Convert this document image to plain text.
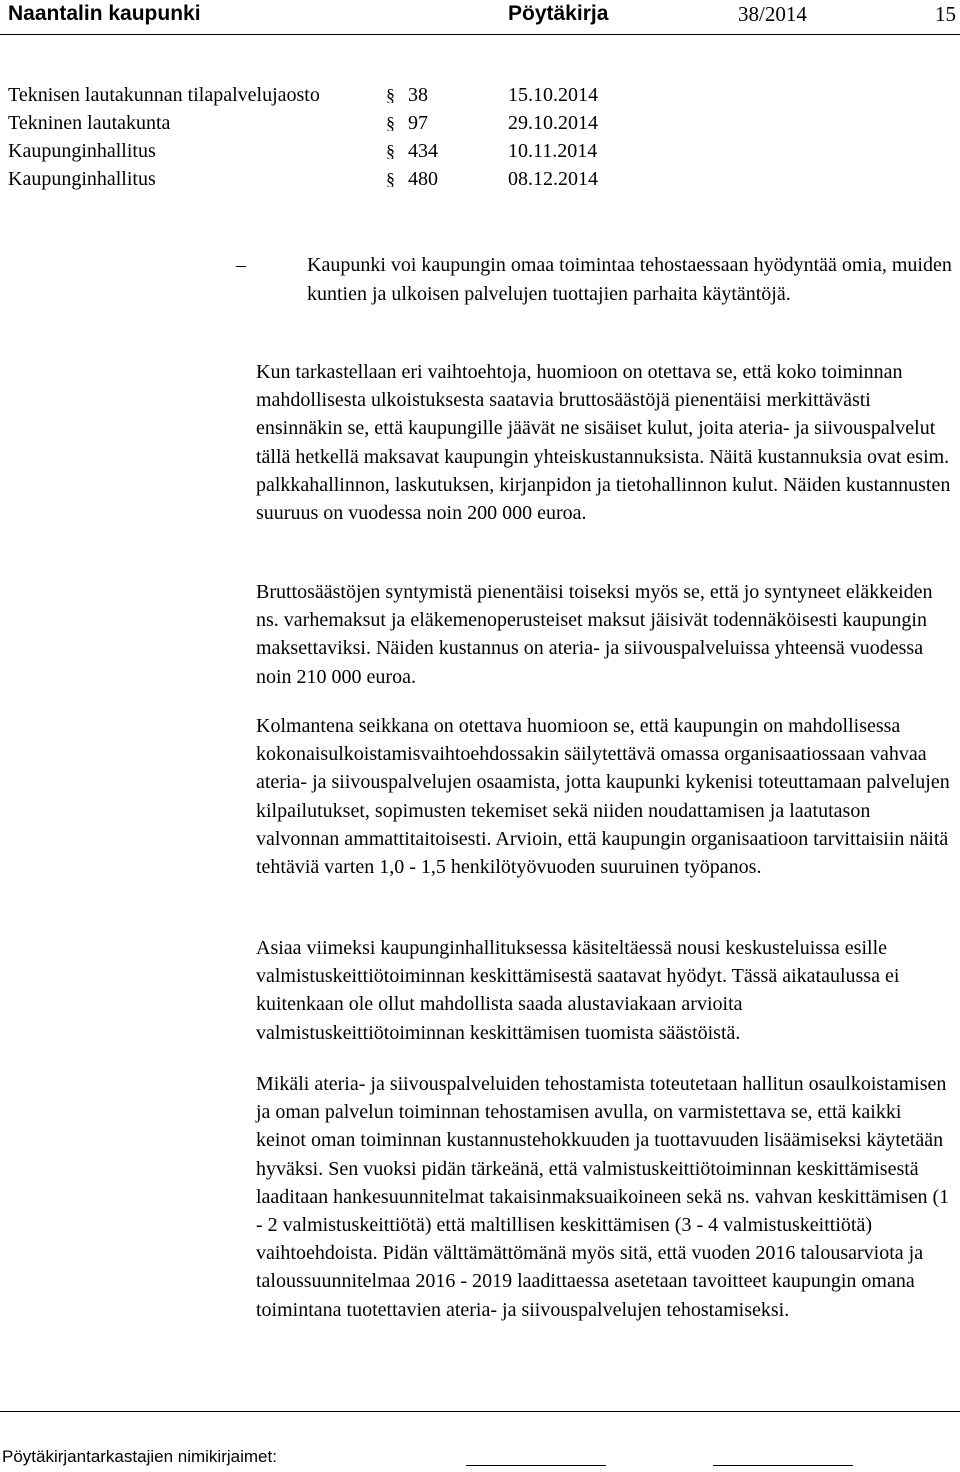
Naantalin kaupunki	Pöytäkirja	38/2014	15
Teknisen lautakunnan tilapalvelujaosto	§ 38	15.10.2014
Tekninen lautakunta	§ 97	29.10.2014
Kaupunginhallitus	§ 434	10.11.2014
Kaupunginhallitus	§ 480	08.12.2014
–	Kaupunki voi kaupungin omaa toimintaa tehostaessaan hyödyntää omia, muiden kuntien ja ulkoisen palvelujen tuottajien parhaita käytäntöjä.

Kun tarkastellaan eri vaihtoehtoja, huomioon on otettava se, että koko toiminnan mahdollisesta ulkoistuksesta saatavia bruttosäästöjä pienentäisi merkittävästi ensinnäkin se, että kaupungille jäävät ne sisäiset kulut, joita ateria- ja siivouspalvelut tällä hetkellä maksavat kaupungin yhteiskustannuksista. Näitä kustannuksia ovat esim. palkkahallinnon, laskutuksen, kirjanpidon ja tietohallinnon kulut. Näiden kustannusten suuruus on vuodessa noin 200 000 euroa.

Bruttosäästöjen syntymistä pienentäisi toiseksi myös se, että jo syntyneet eläkkeiden ns. varhemaksut ja eläkemenoperusteiset maksut jäisivät todennäköisesti kaupungin maksettaviksi. Näiden kustannus on ateria- ja siivouspalveluissa yhteensä vuodessa noin 210 000 euroa.

Kolmantena seikkana on otettava huomioon se, että kaupungin on mahdollisessa kokonaisulkoistamisvaihtoehdossakin säilytettävä omassa organisaatiossaan vahvaa ateria- ja siivouspalvelujen osaamista, jotta kaupunki kykenisi toteuttamaan palvelujen kilpailutukset, sopimusten tekemiset sekä niiden noudattamisen ja laatutason valvonnan ammattitaitoisesti. Arvioin, että kaupungin organisaatioon tarvittaisiin näitä tehtäviä varten 1,0 - 1,5 henkilötyövuoden suuruinen työpanos.

Asiaa viimeksi kaupunginhallituksessa käsiteltäessä nousi keskusteluissa esille valmistuskeittiötoiminnan keskittämisestä saatavat hyödyt. Tässä aikataulussa ei kuitenkaan ole ollut mahdollista saada alustaviakaan arvioita valmistuskeittiötoiminnan keskittämisen tuomista säästöistä.

Mikäli ateria- ja siivouspalveluiden tehostamista toteutetaan hallitun osaulkoistamisen ja oman palvelun toiminnan tehostamisen avulla, on varmistettava se, että kaikki keinot oman toiminnan kustannustehokkuuden ja tuottavuuden lisäämiseksi käytetään hyväksi. Sen vuoksi pidän tärkeänä, että valmistuskeittiötoiminnan keskittämisestä laaditaan hankesuunnitelmat takaisinmaksuaikoineen sekä ns. vahvan keskittämisen (1 - 2 valmistuskeittiötä) että maltillisen keskittämisen (3 - 4 valmistuskeittiötä) vaihtoehdoista. Pidän välttämättömänä myös sitä, että vuoden 2016 talousarviota ja taloussuunnitelmaa 2016 - 2019 laadittaessa asetetaan tavoitteet kaupungin omana toimintana tuotettavien ateria- ja siivouspalvelujen tehostamiseksi.

Pöytäkirjantarkastajien nimikirjaimet:
